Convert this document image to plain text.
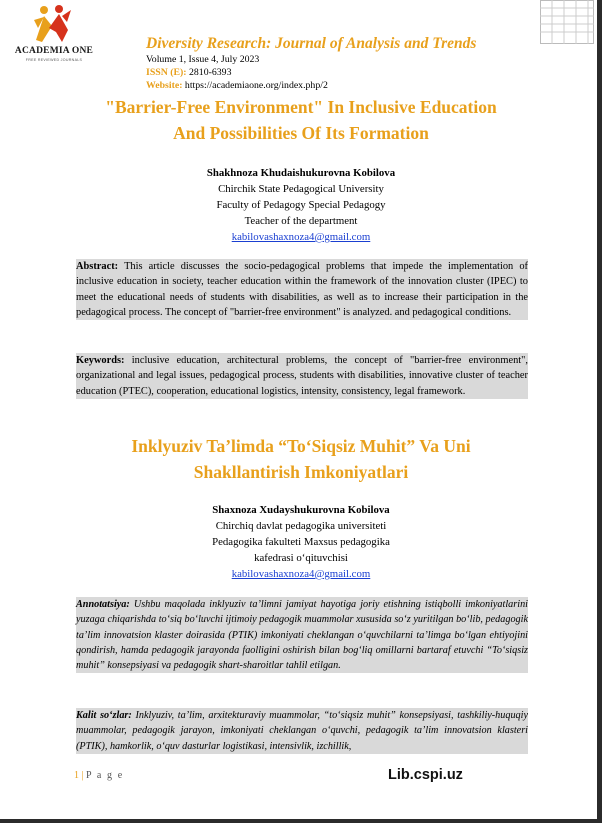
ACADEMIA ONE
FREE REVIEWED JOURNALS
Diversity Research: Journal of Analysis and Trends
Volume 1, Issue 4, July 2023
ISSN (E): 2810-6393
Website: https://academiaone.org/index.php/2
"Barrier-Free Environment" In Inclusive Education
And Possibilities Of Its Formation
Shakhnoza Khudaishukurovna Kobilova
Chirchik State Pedagogical University
Faculty of Pedagogy Special Pedagogy
Teacher of the department
kabilovashaxnoza4@gmail.com

Abstract: This article discusses the socio-pedagogical problems that impede the implementation of inclusive education in society, teacher education within the framework of the innovation cluster (IPEC) to meet the educational needs of students with disabilities, as well as to increase their participation in the pedagogical process. The concept of "barrier-free environment" is analyzed. and pedagogical conditions.

Keywords: inclusive education, architectural problems, the concept of "barrier-free environment", organizational and legal issues, pedagogical process, students with disabilities, innovative cluster of teacher education (PTEC), cooperation, educational logistics, intensity, consistency, legal framework.

Inklyuziv Ta’limda “To‘Siqsiz Muhit” Va Uni
Shakllantirish Imkoniyatlari
Shaxnoza Xudayshukurovna Kobilova
Chirchiq davlat pedagogika universiteti
Pedagogika fakulteti Maxsus pedagogika
kafedrasi o‘qituvchisi
kabilovashaxnoza4@gmail.com

Annotatsiya: Ushbu maqolada inklyuziv ta’limni jamiyat hayotiga joriy etishning istiqbolli imkoniyatlarini yuzaga chiqarishda to‘siq bo‘luvchi ijtimoiy pedagogik muammolar xususida so‘z yuritilgan bo‘lib, pedagogik ta’lim innovatsion klaster doirasida (PTIK) imkoniyati cheklangan o‘quvchilarni ta’limga bo‘lgan ehtiyojini qondirish, hamda pedagogik jarayonda faolligini oshirish bilan bog‘liq omillarni bartaraf etuvchi “To‘siqsiz muhit” konsepsiyasi va pedagogik shart-sharoitlar tahlil etilgan.

Kalit so‘zlar: Inklyuziv, ta’lim, arxitekturaviy muammolar, “to‘siqsiz muhit” konsepsiyasi, tashkiliy-huquqiy muammolar, pedagogik jarayon, imkoniyati cheklangan o‘quvchi, pedagogik ta’lim innovatsion klasteri (PTIK), hamkorlik, o‘quv dasturlar logistikasi, intensivlik, izchillik,

1 | P a g e	Lib.cspi.uz
